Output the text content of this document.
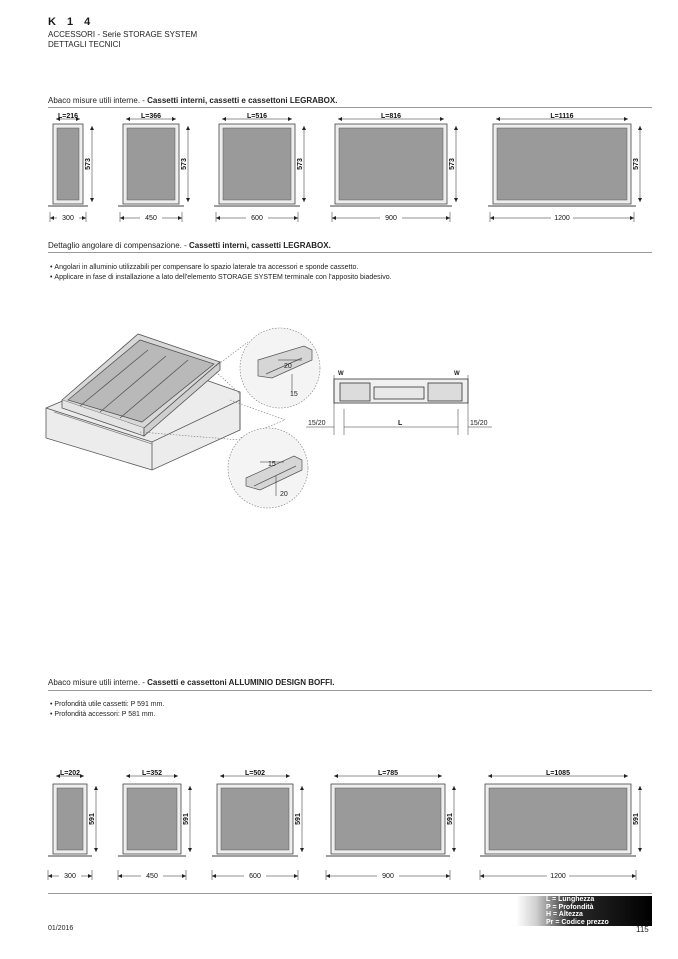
K 1 4
ACCESSORI - Serie STORAGE SYSTEM
DETTAGLI TECNICI
Abaco misure utili interne. - Cassetti interni, cassetti e cassettoni LEGRABOX.
L=216
573
300
L=366
573
450
L=516
573
600
L=816
573
900
L=1116
573
1200
Dettaglio angolare di compensazione. - Cassetti interni, cassetti LEGRABOX.
• Angolari in alluminio utilizzabili per compensare lo spazio laterale tra accessori e sponde cassetto.
• Applicare in fase di installazione a lato dell'elemento STORAGE SYSTEM terminale con l'apposito biadesivo.
20
15
15
20
W	W
15/20	L	15/20
Abaco misure utili interne. - Cassetti e cassettoni ALLUMINIO DESIGN BOFFI.
• Profondità utile cassetti: P 591 mm.
• Profondità accessori: P 581 mm.
L=202
591
300
L=352
591
450
L=502
591
600
L=785
591
900
L=1085
591
1200
L = Lunghezza
P = Profondità
H = Altezza
Pr = Codice prezzo
01/2016	115
